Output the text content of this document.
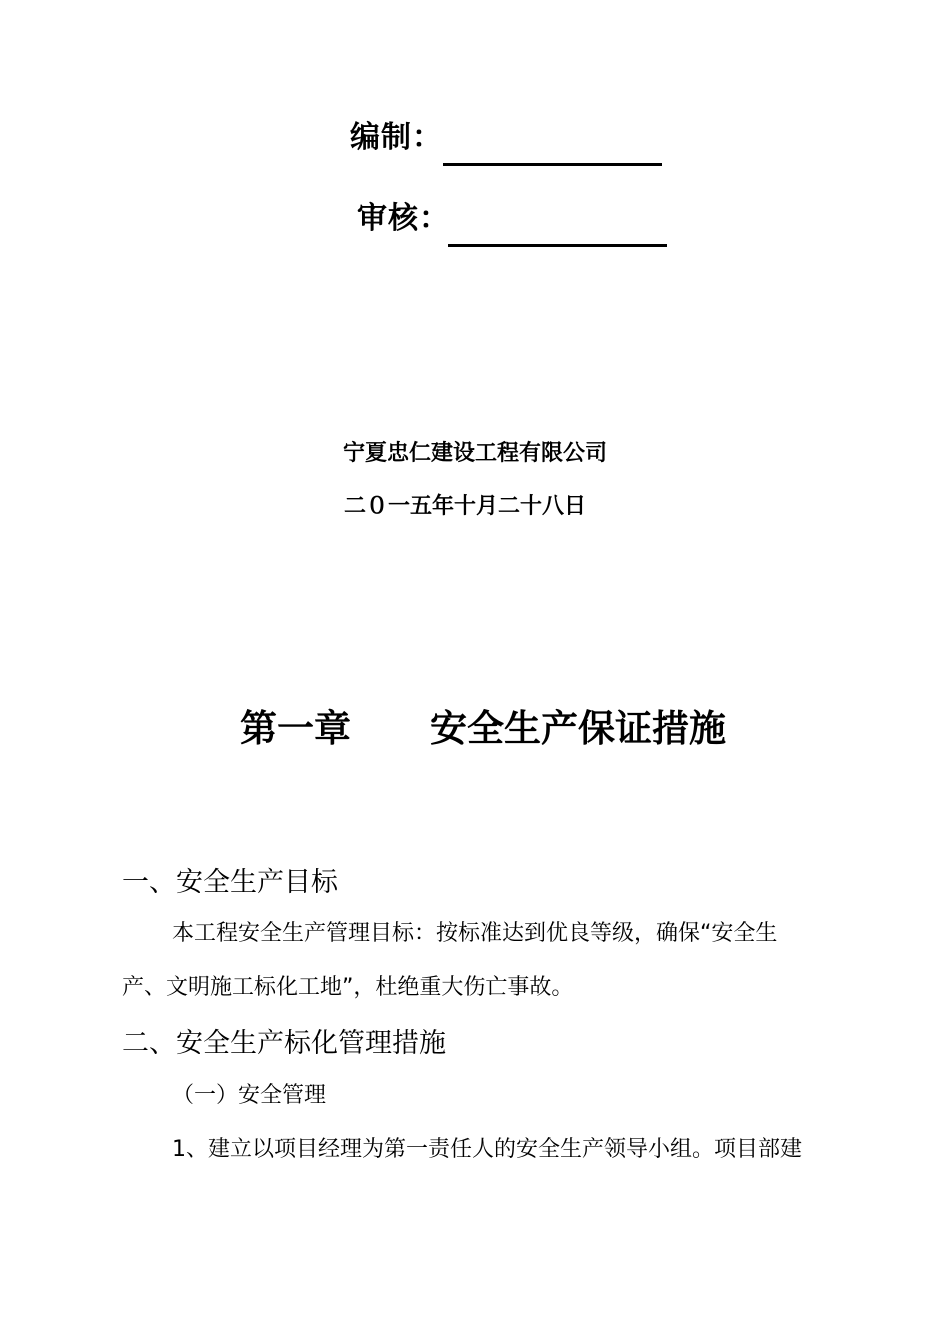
编制：
审核：
宁夏忠仁建设工程有限公司
二０一五年十月二十八日
第一章 安全生产保证措施
一、安全生产目标
本工程安全生产管理目标：按标准达到优良等级，确保“安全生
产、文明施工标化工地”，杜绝重大伤亡事故。
二、安全生产标化管理措施
（一）安全管理
1、建立以项目经理为第一责任人的安全生产领导小组。项目部建
